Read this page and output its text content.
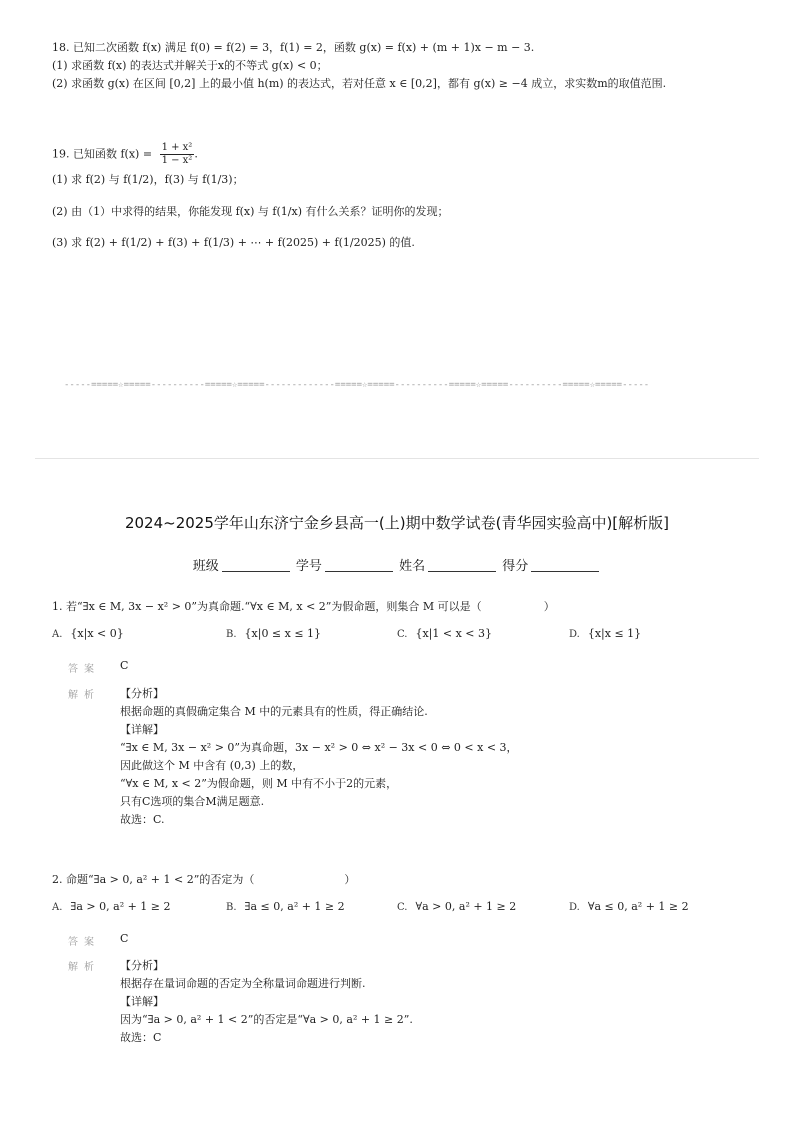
18. 已知二次函数 f(x) 满足 f(0) = f(2) = 3，f(1) = 2，函数 g(x) = f(x) + (m + 1)x − m − 3.
(1) 求函数 f(x) 的表达式并解关于x的不等式 g(x) < 0；
(2) 求函数 g(x) 在区间 [0,2] 上的最小值 h(m) 的表达式，若对任意 x ∈ [0,2]，都有 g(x) ≥ −4 成立，求实数m的取值范围.
19. 已知函数 $f(x) = \frac{\text{1 + x²}}{\text{1 − x²}}$ .
(1) 求 f(2) 与 f(1/2)，f(3) 与 f(1/3)；
(2) 由（1）中求得的结果，你能发现 f(x) 与 f(1/x) 有什么关系？证明你的发现；
(3) 求 f(2) + f(1/2) + f(3) + f(1/3) + ⋯ + f(2025) + f(1/2025) 的值.
-----=====☆=====----------=====☆=====-------------=====☆=====----------=====☆=====----------=====☆=====-----
2024~2025学年山东济宁金乡县高一(上)期中数学试卷(青华园实验高中)[解析版]
班级	学号	姓名	得分
1. 若“∃x ∈ M, 3x − x² > 0”为真命题.“∀x ∈ M, x < 2”为假命题，则集合 M 可以是（	）
A. {x|x < 0}	B. {x|0 ≤ x ≤ 1}	C. {x|1 < x < 3}	D. {x|x ≤ 1}
答案 C
解析 【分析】
根据命题的真假确定集合 M 中的元素具有的性质，得正确结论.
【详解】
“∃x ∈ M, 3x − x² > 0”为真命题，3x − x² > 0 ⇔ x² − 3x < 0 ⇔ 0 < x < 3，
因此做这个 M 中含有 (0,3) 上的数，
“∀x ∈ M, x < 2”为假命题，则 M 中有不小于2的元素，
只有C选项的集合M满足题意.
故选：C.
2. 命题“∃a > 0, a² + 1 < 2”的否定为（	）
A. ∃a > 0, a² + 1 ≥ 2	B. ∃a ≤ 0, a² + 1 ≥ 2	C. ∀a > 0, a² + 1 ≥ 2	D. ∀a ≤ 0, a² + 1 ≥ 2
答案 C
解析 【分析】
根据存在量词命题的否定为全称量词命题进行判断.
【详解】
因为“∃a > 0, a² + 1 < 2”的否定是“∀a > 0, a² + 1 ≥ 2”.
故选：C
